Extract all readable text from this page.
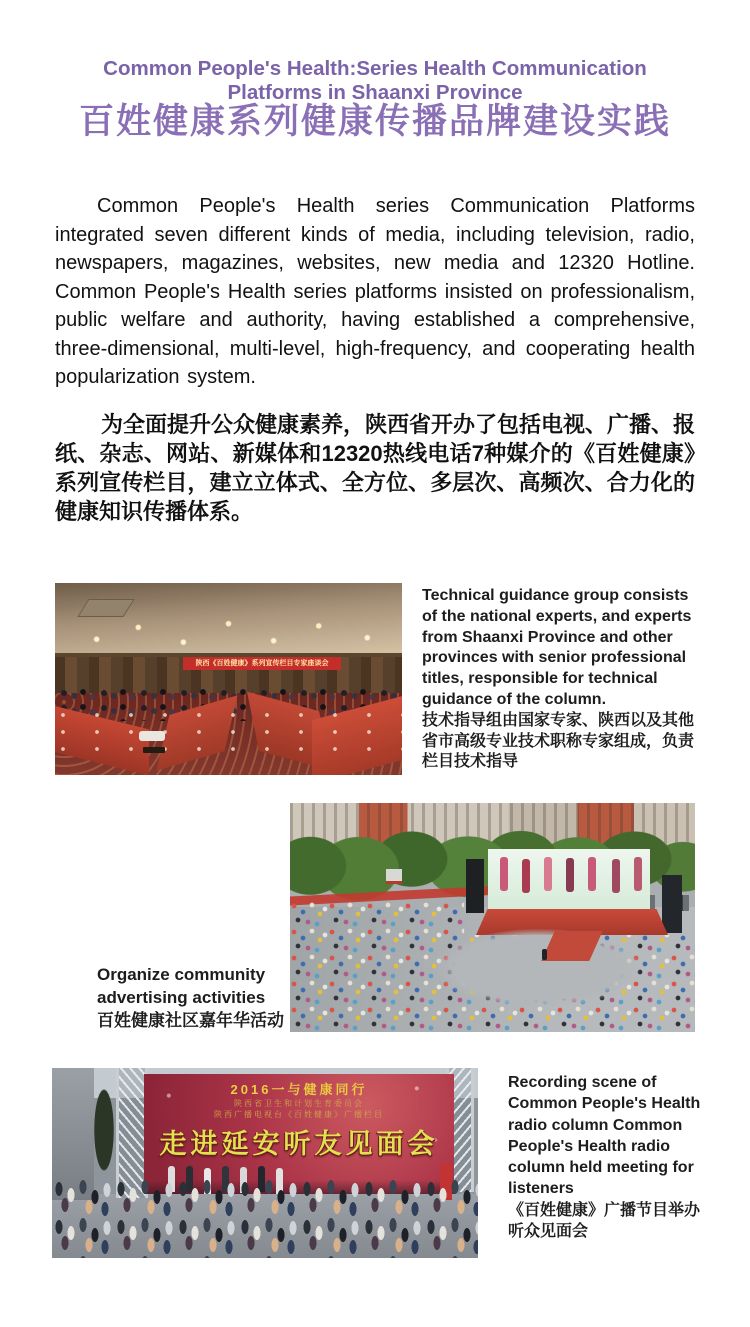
Common People's Health:Series Health Communication
Platforms in Shaanxi Province
百姓健康系列健康传播品牌建设实践

Common People's Health series Communication Platforms integrated seven different kinds of media, including television, radio, newspapers, magazines, websites, new media and 12320 Hotline. Common People's Health series platforms insisted on professionalism, public welfare and authority, having established a comprehensive, three-dimensional, multi-level, high-frequency, and cooperating health popularization system.

为全面提升公众健康素养，陕西省开办了包括电视、广播、报纸、杂志、网站、新媒体和12320热线电话7种媒介的《百姓健康》系列宣传栏目，建立立体式、全方位、多层次、高频次、合力化的健康知识传播体系。

陕西《百姓健康》系列宣传栏目专家座谈会
Technical guidance group consists of the national experts, and experts from Shaanxi Province and other provinces with senior professional titles, responsible for technical guidance of the column.
技术指导组由国家专家、陕西以及其他省市高级专业技术职称专家组成，负责栏目技术指导
Organize community advertising activities
百姓健康社区嘉年华活动
2016一与健康同行
陕西省卫生和计划生育委员会
陕西广播电视台《百姓健康》广播栏目
走进延安听友见面会
Recording scene of Common People's Health radio column Common People's Health radio column held meeting for listeners
《百姓健康》广播节目举办听众见面会
